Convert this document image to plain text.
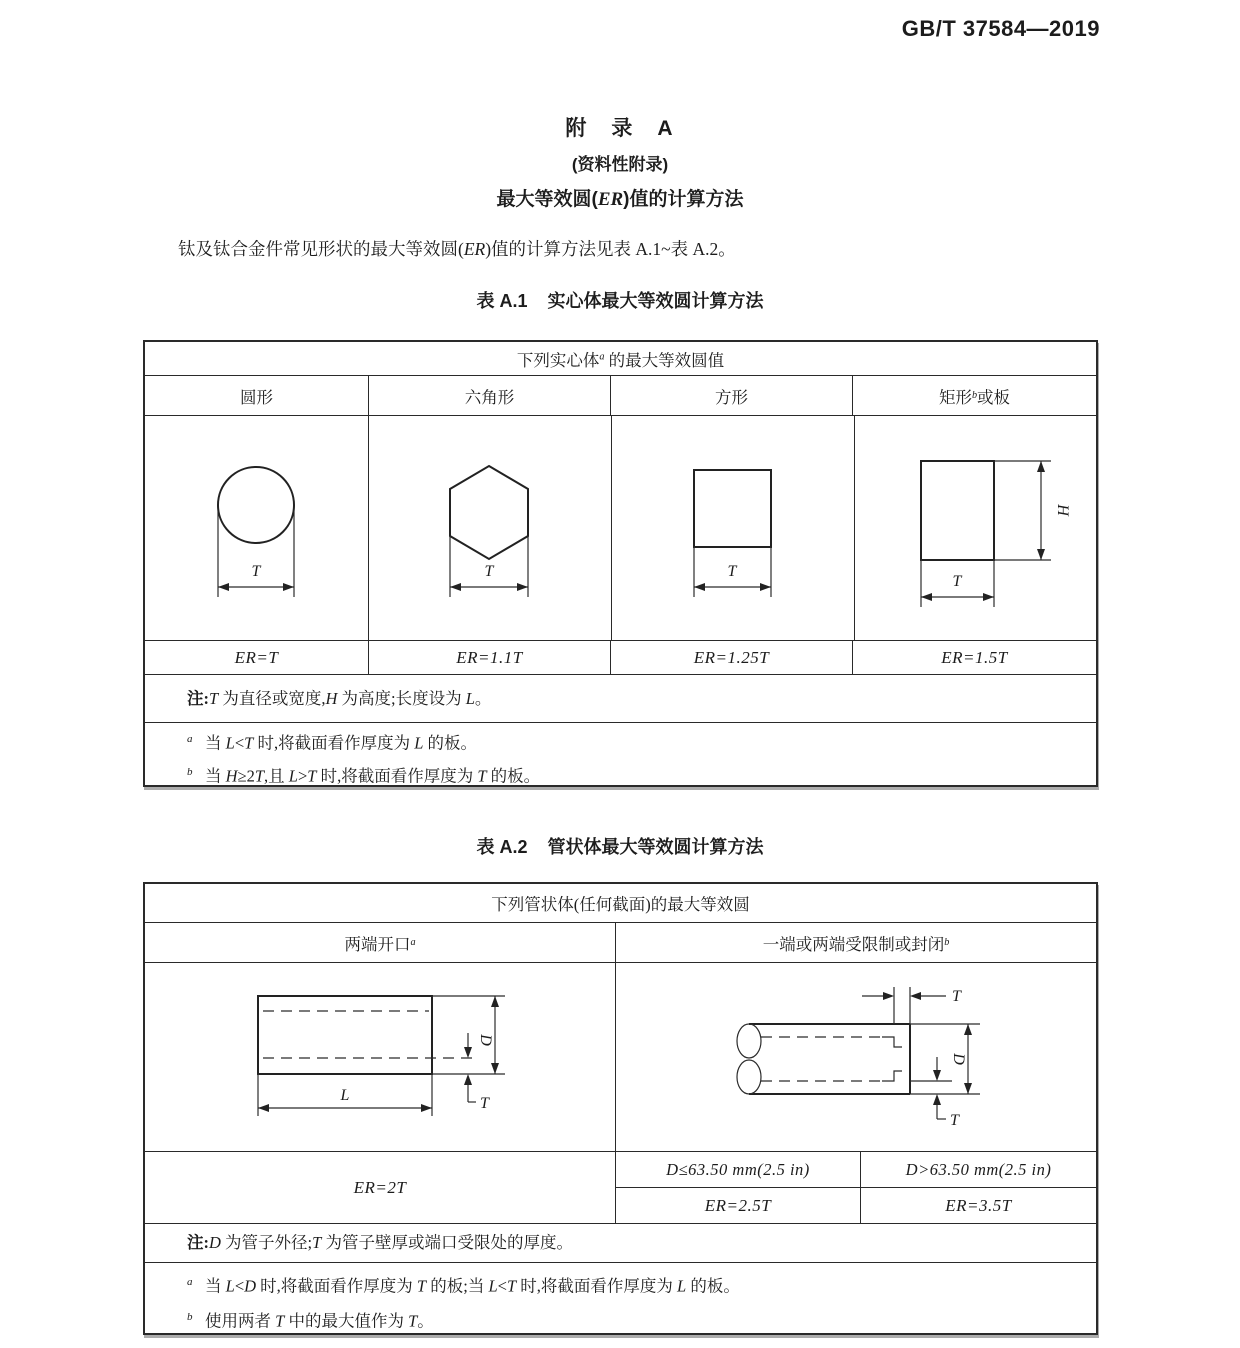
GB/T 37584—2019
附　录　A
(资料性附录)
最大等效圆(ER)值的计算方法
钛及钛合金件常见形状的最大等效圆(ER)值的计算方法见表 A.1~表 A.2。
表 A.1 实心体最大等效圆计算方法
下列实心体$^a$ 的最大等效圆值
圆形	六角形	方形	矩形 b 或板
T	T	T
T
H
ER=T	ER=1.1T	ER=1.25T	ER=1.5T
注:T 为直径或宽度,H 为高度;长度设为 L。
a 当 L<T 时,将截面看作厚度为 L 的板。
b 当 H≥2T,且 L>T 时,将截面看作厚度为 T 的板。
表 A.2 管状体最大等效圆计算方法
下列管状体(任何截面)的最大等效圆
两端开口 a	一端或两端受限制或封闭 b
D
T
L
T
D
T
ER=2T
D ≤63.50 mm(2.5 in)	D >63.50 mm(2.5 in)
ER=2.5T	ER=3.5T
注:D 为管子外径;T 为管子壁厚或端口受限处的厚度。
a 当 L<D 时,将截面看作厚度为 T 的板;当 L<T 时,将截面看作厚度为 L 的板。
b 使用两者 T 中的最大值作为 T。
